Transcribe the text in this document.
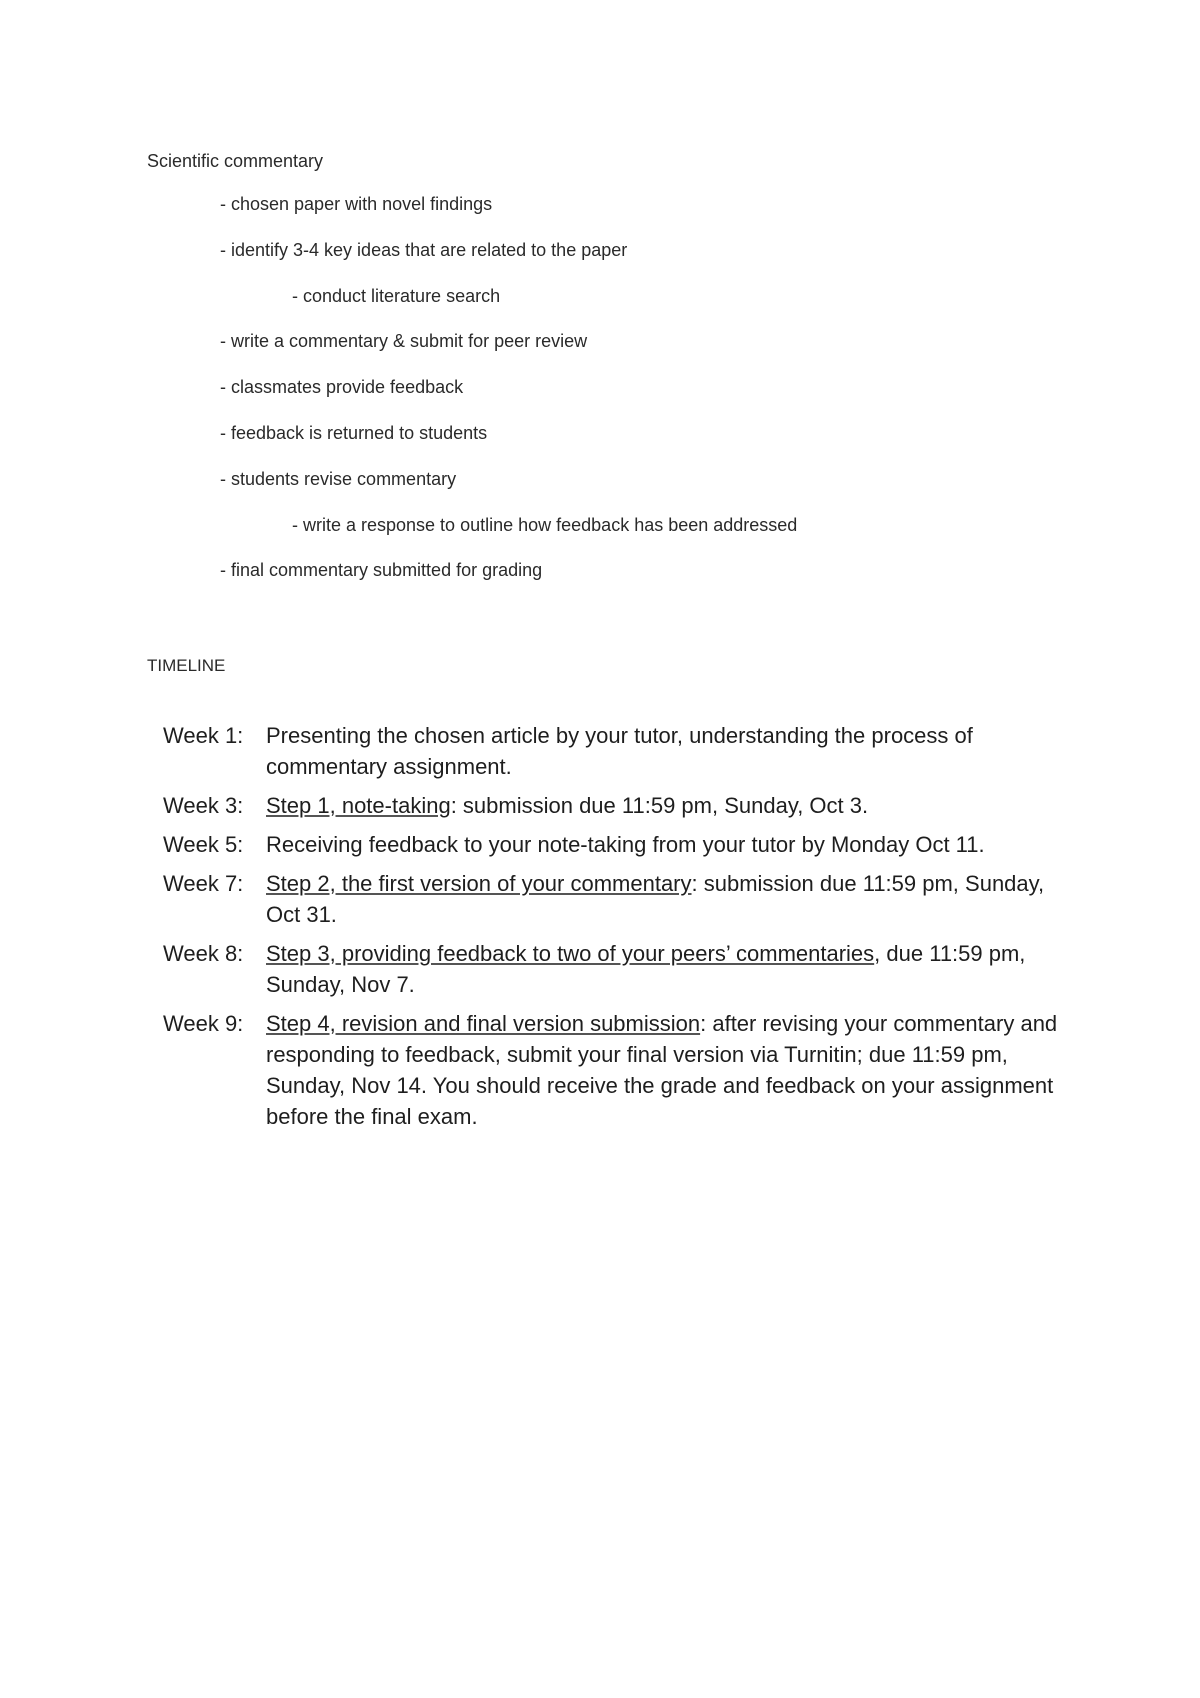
Scientific commentary
- chosen paper with novel findings
- identify 3-4 key ideas that are related to the paper
- conduct literature search
- write a commentary & submit for peer review
- classmates provide feedback
- feedback is returned to students
- students revise commentary
- write a response to outline how feedback has been addressed
- final commentary submitted for grading
TIMELINE
Week 1:	Presenting the chosen article by your tutor, understanding the process of commentary assignment.
Week 3:	Step 1, note-taking: submission due 11:59 pm, Sunday, Oct 3.
Week 5:	Receiving feedback to your note-taking from your tutor by Monday Oct 11.
Week 7:	Step 2, the first version of your commentary: submission due 11:59 pm, Sunday, Oct 31.
Week 8:	Step 3, providing feedback to two of your peers’ commentaries, due 11:59 pm, Sunday, Nov 7.
Week 9:	Step 4, revision and final version submission: after revising your commentary and responding to feedback, submit your final version via Turnitin; due 11:59 pm, Sunday, Nov 14. You should receive the grade and feedback on your assignment before the final exam.
